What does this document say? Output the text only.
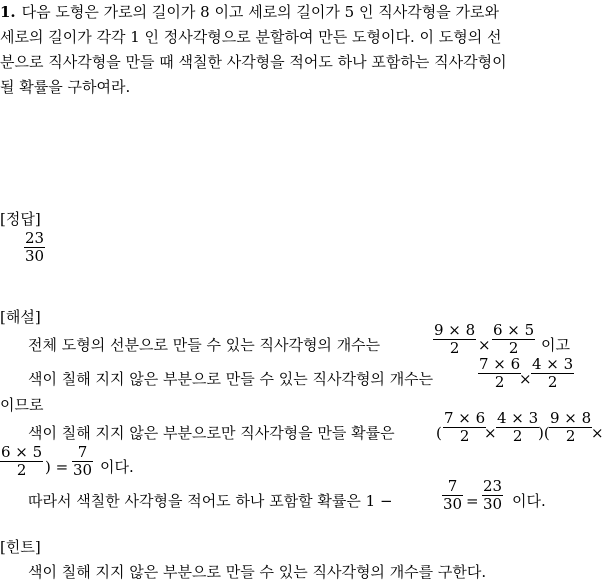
1. 다음 도형은 가로의 길이가 8 이고 세로의 길이가 5 인 직사각형을 가로와
세로의 길이가 각각 1 인 정사각형으로 분할하여 만든 도형이다. 이 도형의 선
분으로 직사각형을 만들 때 색칠한 사각형을 적어도 하나 포함하는 직사각형이
될 확률을 구하여라.
[정답]
$\frac{23}{30}$
[해설]
전체 도형의 선분으로 만들 수 있는 직사각형의 개수는	$\frac{9 \times 8}{2} \times \frac{6 \times 5}{2}$ 이고
색이 칠해 지지 않은 부분으로 만들 수 있는 직사각형의 개수는	$\frac{7 \times 6}{2}$
× $\frac{4 \times 3}{2}$
이므로
색이 칠해 지지 않은 부분으로만 직사각형을 만들 확률은	( $\frac{7 \times 6}{2}$
× $\frac{4 \times 3}{2}$
)( $\frac{9 \times 8}{2}$
×
$\frac{6 \times 5}{2}$ ) = $\frac{7}{30}$ 이다.
따라서 색칠한 사각형을 적어도 하나 포함할 확률은 1 −	$\frac{7}{30} = \frac{23}{30}$ 이다.
[힌트]
색이 칠해 지지 않은 부분으로 만들 수 있는 직사각형의 개수를 구한다.
